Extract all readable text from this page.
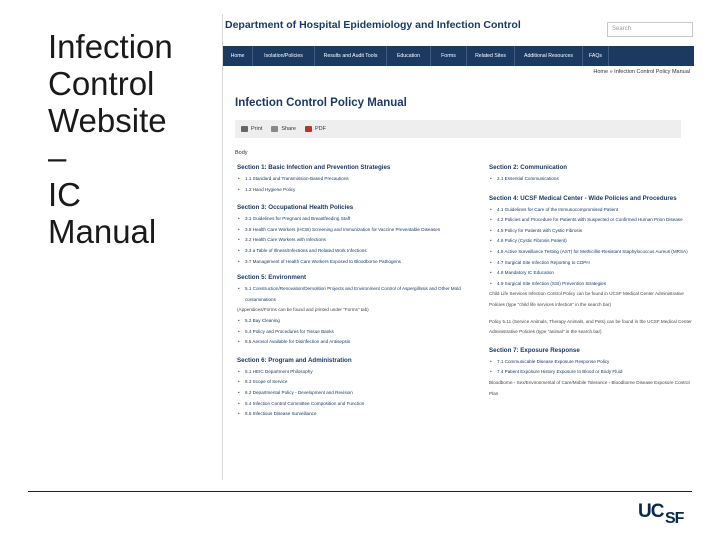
Infection
Control
Website
–
IC
Manual
Department of Hospital Epidemiology and Infection Control	Search
Home	Isolation/Policies	Results and Audit Tools	Education	Forms	Related Sites	Additional Resources	FAQs
Home » Infection Control Policy Manual
Infection Control Policy Manual
Print	Share	PDF
Body
Section 1: Basic Infection and Prevention Strategies
• 1.1 Standard and Transmission-Based Precautions
• 1.2 Hand Hygiene Policy
Section 3: Occupational Health Policies
• 3.1 Guidelines for Pregnant and Breastfeeding Staff
• 3.5 Health Care Workers (HCW) Screening and Immunization for Vaccine Preventable Diseases
• 3.2 Health Care Workers with Infections
• 3.3 a Table of Illness/Infections and Related Work Infections
• 3.7 Management of Health Care Workers Exposed to Bloodborne Pathogens
Section 5: Environment
• 5.1 Construction/Renovation/Demolition Projects and Environment Control of Aspergillosis and Other Mold contaminations
(Appendices/Forms can be found and printed under "Forms" tab)
• 5.2 Bay Cleaning
• 5.4 Policy and Procedures for Tissue Banks
• 5.5 Aerosol Available for Disinfection and Antisepsis
Section 6: Program and Administration
• 6.1 HEIC Department Philosophy
• 6.3 Scope of Service
• 6.2 Departmental Policy - Development and Revision
• 6.4 Infection Control Committee Composition and Function
• 6.5 Infectious Disease Surveillance
Section 2: Communication
• 2.1 Essential Communications
Section 4: UCSF Medical Center - Wide Policies and Procedures
• 4.1 Guidelines for Care of the Immunocompromised Patient
• 4.2 Policies and Procedure for Patients with Suspected or Confirmed Human Prion Disease
• 4.5 Policy for Patients with Cystic Fibrosis
• 4.6 Policy (Cystic Fibrosis Patient)
• 4.8 Active Surveillance Testing (AST) for Methicillin-Resistant Staphylococcus Aureus (MRSA)
• 4.7 Surgical Site Infection Reporting to CDPH
• 4.8 Mandatory IC Education
• 4.9 Surgical Site Infection (SSI) Prevention Strategies
Child Life Services Infection Control Policy can be found in UCSF Medical Center Administrative Policies (type "child life services infection" in the search bar)
Policy 5.11 (Service Animals, Therapy Animals, and Pets) can be found in the UCSF Medical Center Administrative Policies (type "animal" in the search bar)
Section 7: Exposure Response
• 7.1 Communicable Disease Exposure Response Policy
• 7.4 Patient Exposure History Exposure to Blood or Body Fluid
Bloodborne - Sex/Environmental of Care/Mobile Tolerance - Bloodborne Disease Exposure Control Plan
UC SF
